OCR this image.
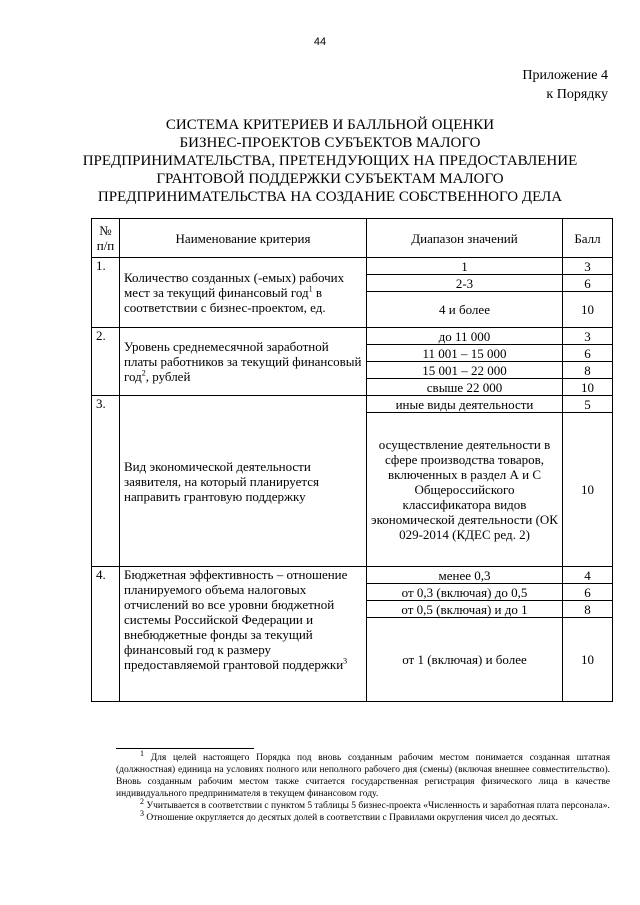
44
Приложение 4
к Порядку
СИСТЕМА КРИТЕРИЕВ И БАЛЛЬНОЙ ОЦЕНКИ
БИЗНЕС-ПРОЕКТОВ СУБЪЕКТОВ МАЛОГО
ПРЕДПРИНИМАТЕЛЬСТВА, ПРЕТЕНДУЮЩИХ НА ПРЕДОСТАВЛЕНИЕ
ГРАНТОВОЙ ПОДДЕРЖКИ СУБЪЕКТАМ МАЛОГО
ПРЕДПРИНИМАТЕЛЬСТВА НА СОЗДАНИЕ СОБСТВЕННОГО ДЕЛА
№ п/п	Наименование критерия	Диапазон значений	Балл
1.	Количество созданных (-емых) рабочих мест за текущий финансовый год$^1$ в соответствии с бизнес-проектом, ед.	1	3
		2-3	6
		4 и более	10
2.	Уровень среднемесячной заработной платы работников за текущий финансовый год$^2$, рублей	до 11 000	3
		11 001 – 15 000	6
		15 001 – 22 000	8
		свыше 22 000	10
3.	Вид экономической деятельности заявителя, на который планируется направить грантовую поддержку	иные виды деятельности	5
		осуществление деятельности в сфере производства товаров, включенных в раздел А и С Общероссийского классификатора видов экономической деятельности (ОК 029-2014 (КДЕС ред. 2)	10
4.	Бюджетная эффективность – отношение планируемого объема налоговых отчислений во все уровни бюджетной системы Российской Федерации и внебюджетные фонды за текущий финансовый год к размеру предоставляемой грантовой поддержки$^3$	менее 0,3	4
		от 0,3 (включая) до 0,5	6
		от 0,5 (включая) и до 1	8
		от 1 (включая) и более	10

$^1$ Для целей настоящего Порядка под вновь созданным рабочим местом понимается созданная штатная (должностная) единица на условиях полного или неполного рабочего дня (смены) (включая внешнее совместительство). Вновь созданным рабочим местом также считается государственная регистрация физического лица в качестве индивидуального предпринимателя в текущем финансовом году.

$^2$ Учитывается в соответствии с пунктом 5 таблицы 5 бизнес-проекта «Численность и заработная плата персонала».

$^3$ Отношение округляется до десятых долей в соответствии с Правилами округления чисел до десятых.
